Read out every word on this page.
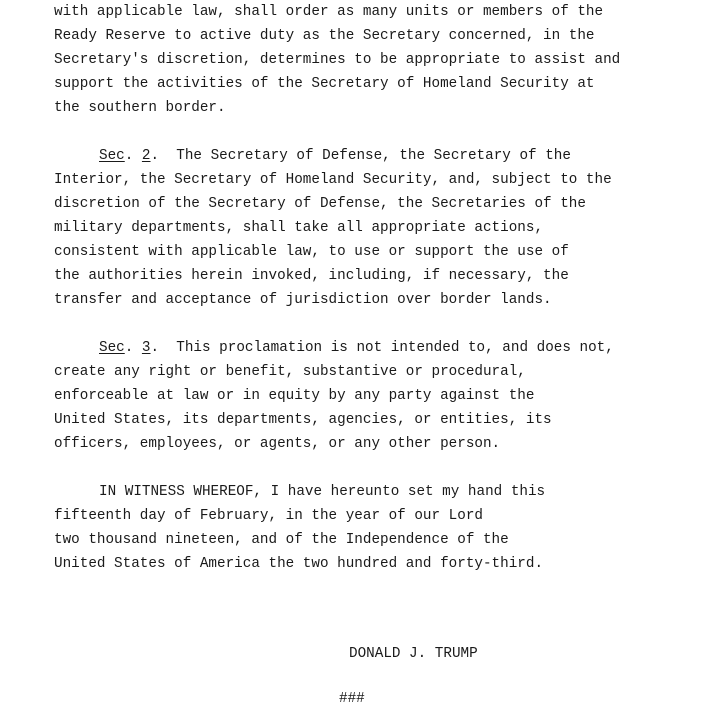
with applicable law, shall order as many units or members of the
Ready Reserve to active duty as the Secretary concerned, in the
Secretary's discretion, determines to be appropriate to assist and
support the activities of the Secretary of Homeland Security at
the southern border.
Sec. 2.  The Secretary of Defense, the Secretary of the
Interior, the Secretary of Homeland Security, and, subject to the
discretion of the Secretary of Defense, the Secretaries of the
military departments, shall take all appropriate actions,
consistent with applicable law, to use or support the use of
the authorities herein invoked, including, if necessary, the
transfer and acceptance of jurisdiction over border lands.
Sec. 3.  This proclamation is not intended to, and does not,
create any right or benefit, substantive or procedural,
enforceable at law or in equity by any party against the
United States, its departments, agencies, or entities, its
officers, employees, or agents, or any other person.
IN WITNESS WHEREOF, I have hereunto set my hand this
fifteenth day of February, in the year of our Lord
two thousand nineteen, and of the Independence of the
United States of America the two hundred and forty-third.
DONALD J. TRUMP
###
